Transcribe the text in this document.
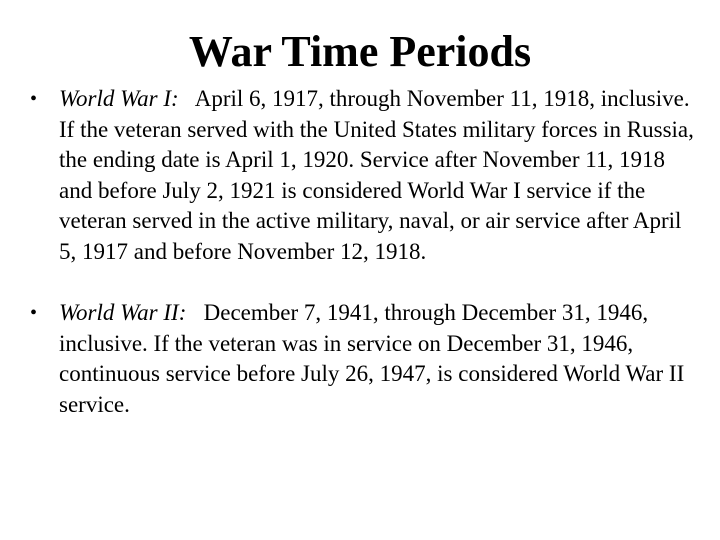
War Time Periods
• World War I: April 6, 1917, through November 11, 1918, inclusive. If the veteran served with the United States military forces in Russia, the ending date is April 1, 1920. Service after November 11, 1918 and before July 2, 1921 is considered World War I service if the veteran served in the active military, naval, or air service after April 5, 1917 and before November 12, 1918.
• World War II: December 7, 1941, through December 31, 1946, inclusive. If the veteran was in service on December 31, 1946, continuous service before July 26, 1947, is considered World War II service.
